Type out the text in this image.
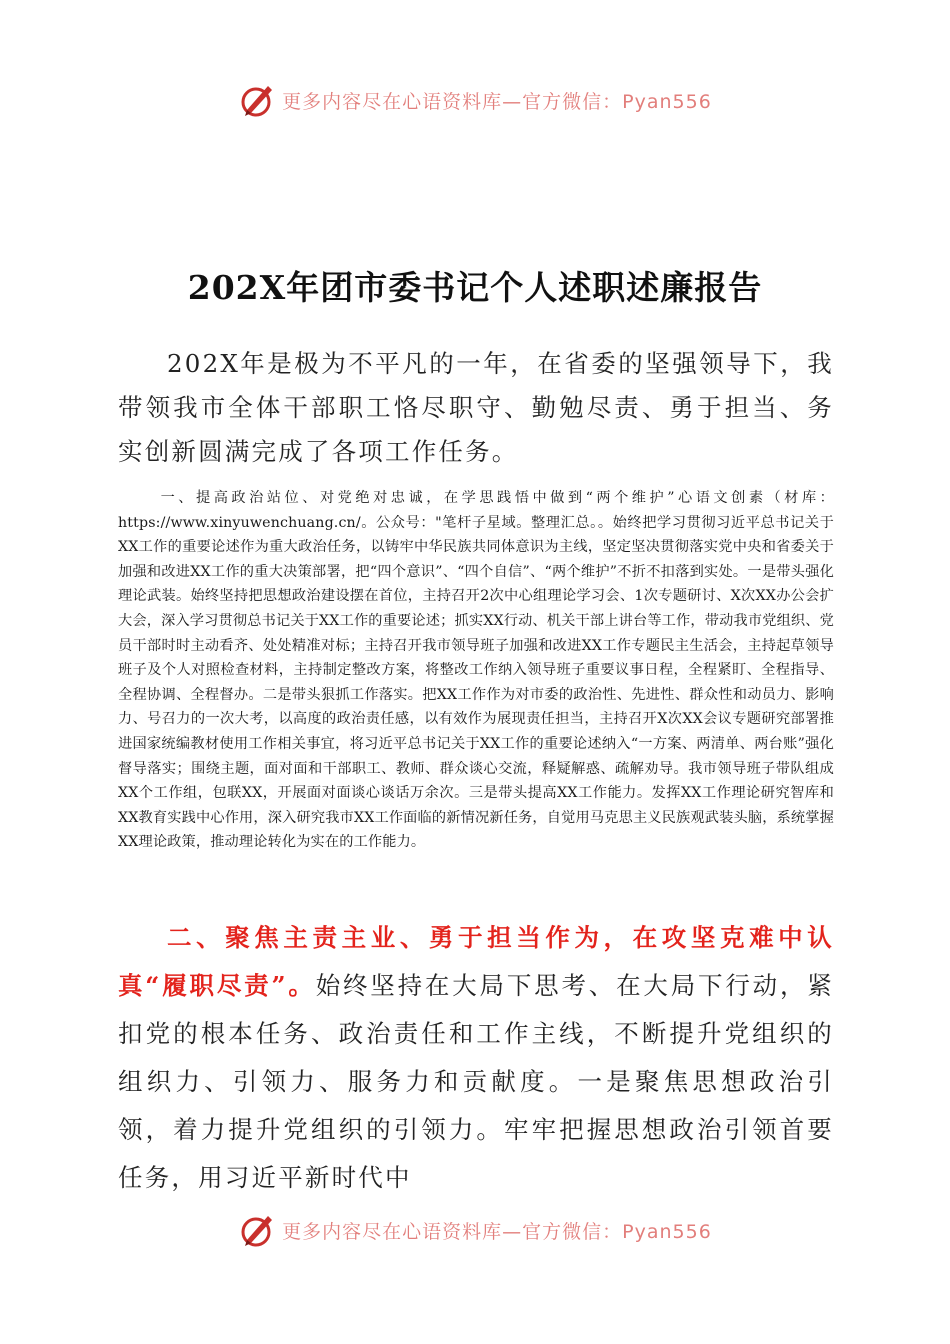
更多内容尽在心语资料库—官方微信：Pyan556
202X年团市委书记个人述职述廉报告

202X年是极为不平凡的一年，在省委的坚强领导下，我带领我市全体干部职工恪尽职守、勤勉尽责、勇于担当、务实创新圆满完成了各项工作任务。

一、提高政治站位、对党绝对忠诚，在学思践悟中做到“两个维护”心语文创素（材库：https://www.xinyuwenchuang.cn/。公众号："笔杆子星域。整理汇总。。始终把学习贯彻习近平总书记关于XX工作的重要论述作为重大政治任务，以铸牢中华民族共同体意识为主线，坚定坚决贯彻落实党中央和省委关于加强和改进XX工作的重大决策部署，把“四个意识”、“四个自信”、“两个维护”不折不扣落到实处。一是带头强化理论武装。始终坚持把思想政治建设摆在首位，主持召开2次中心组理论学习会、1次专题研讨、X次XX办公会扩大会，深入学习贯彻总书记关于XX工作的重要论述；抓实XX行动、机关干部上讲台等工作，带动我市党组织、党员干部时时主动看齐、处处精准对标；主持召开我市领导班子加强和改进XX工作专题民主生活会，主持起草领导班子及个人对照检查材料，主持制定整改方案，将整改工作纳入领导班子重要议事日程，全程紧盯、全程指导、全程协调、全程督办。二是带头狠抓工作落实。把XX工作作为对市委的政治性、先进性、群众性和动员力、影响力、号召力的一次大考，以高度的政治责任感，以有效作为展现责任担当，主持召开X次XX会议专题研究部署推进国家统编教材使用工作相关事宜，将习近平总书记关于XX工作的重要论述纳入“一方案、两清单、两台账”强化督导落实；围绕主题，面对面和干部职工、教师、群众谈心交流，释疑解惑、疏解劝导。我市领导班子带队组成XX个工作组，包联XX，开展面对面谈心谈话万余次。三是带头提高XX工作能力。发挥XX工作理论研究智库和XX教育实践中心作用，深入研究我市XX工作面临的新情况新任务，自觉用马克思主义民族观武装头脑，系统掌握XX理论政策，推动理论转化为实在的工作能力。

二、聚焦主责主业、勇于担当作为，在攻坚克难中认真“履职尽责”。始终坚持在大局下思考、在大局下行动，紧扣党的根本任务、政治责任和工作主线，不断提升党组织的组织力、引领力、服务力和贡献度。一是聚焦思想政治引领，着力提升党组织的引领力。牢牢把握思想政治引领首要任务，用习近平新时代中

更多内容尽在心语资料库—官方微信：Pyan556
